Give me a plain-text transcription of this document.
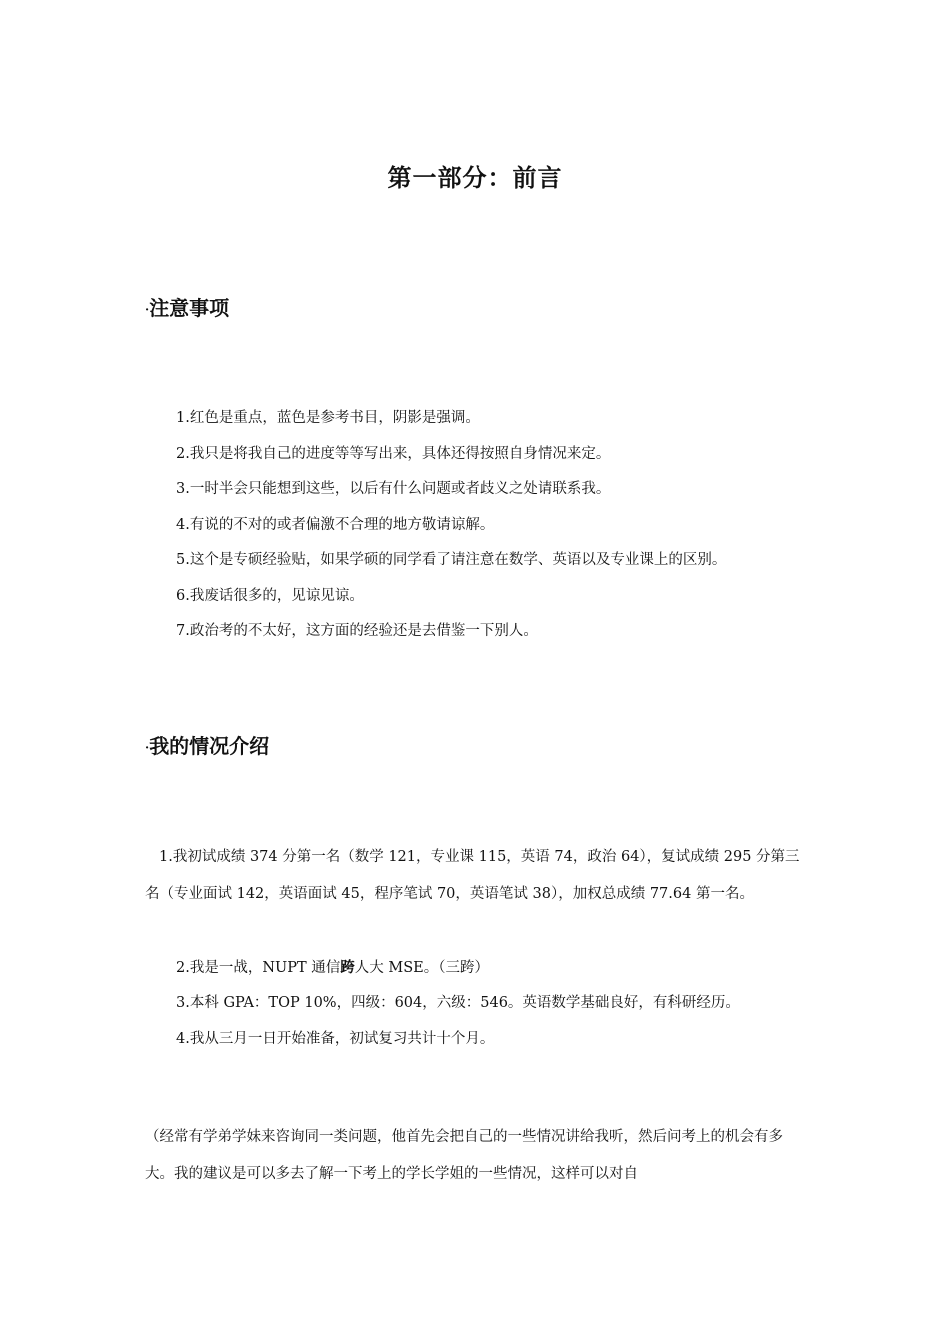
第一部分：前言
·注意事项
1.红色是重点，蓝色是参考书目，阴影是强调。
2.我只是将我自己的进度等等写出来，具体还得按照自身情况来定。
3.一时半会只能想到这些，以后有什么问题或者歧义之处请联系我。
4.有说的不对的或者偏激不合理的地方敬请谅解。
5.这个是专硕经验贴，如果学硕的同学看了请注意在数学、英语以及专业课上的区别。
6.我废话很多的，见谅见谅。
7.政治考的不太好，这方面的经验还是去借鉴一下别人。
·我的情况介绍

1.我初试成绩 374 分第一名（数学 121，专业课 115，英语 74，政治 64），复试成绩 295 分第三名（专业面试 142，英语面试 45，程序笔试 70，英语笔试 38），加权总成绩 77.64 第一名。

2.我是一战，NUPT 通信跨人大 MSE。（三跨）
3.本科 GPA：TOP 10%，四级：604，六级：546。英语数学基础良好，有科研经历。
4.我从三月一日开始准备，初试复习共计十个月。

（经常有学弟学妹来咨询同一类问题，他首先会把自己的一些情况讲给我听，然后问考上的机会有多大。我的建议是可以多去了解一下考上的学长学姐的一些情况，这样可以对自
